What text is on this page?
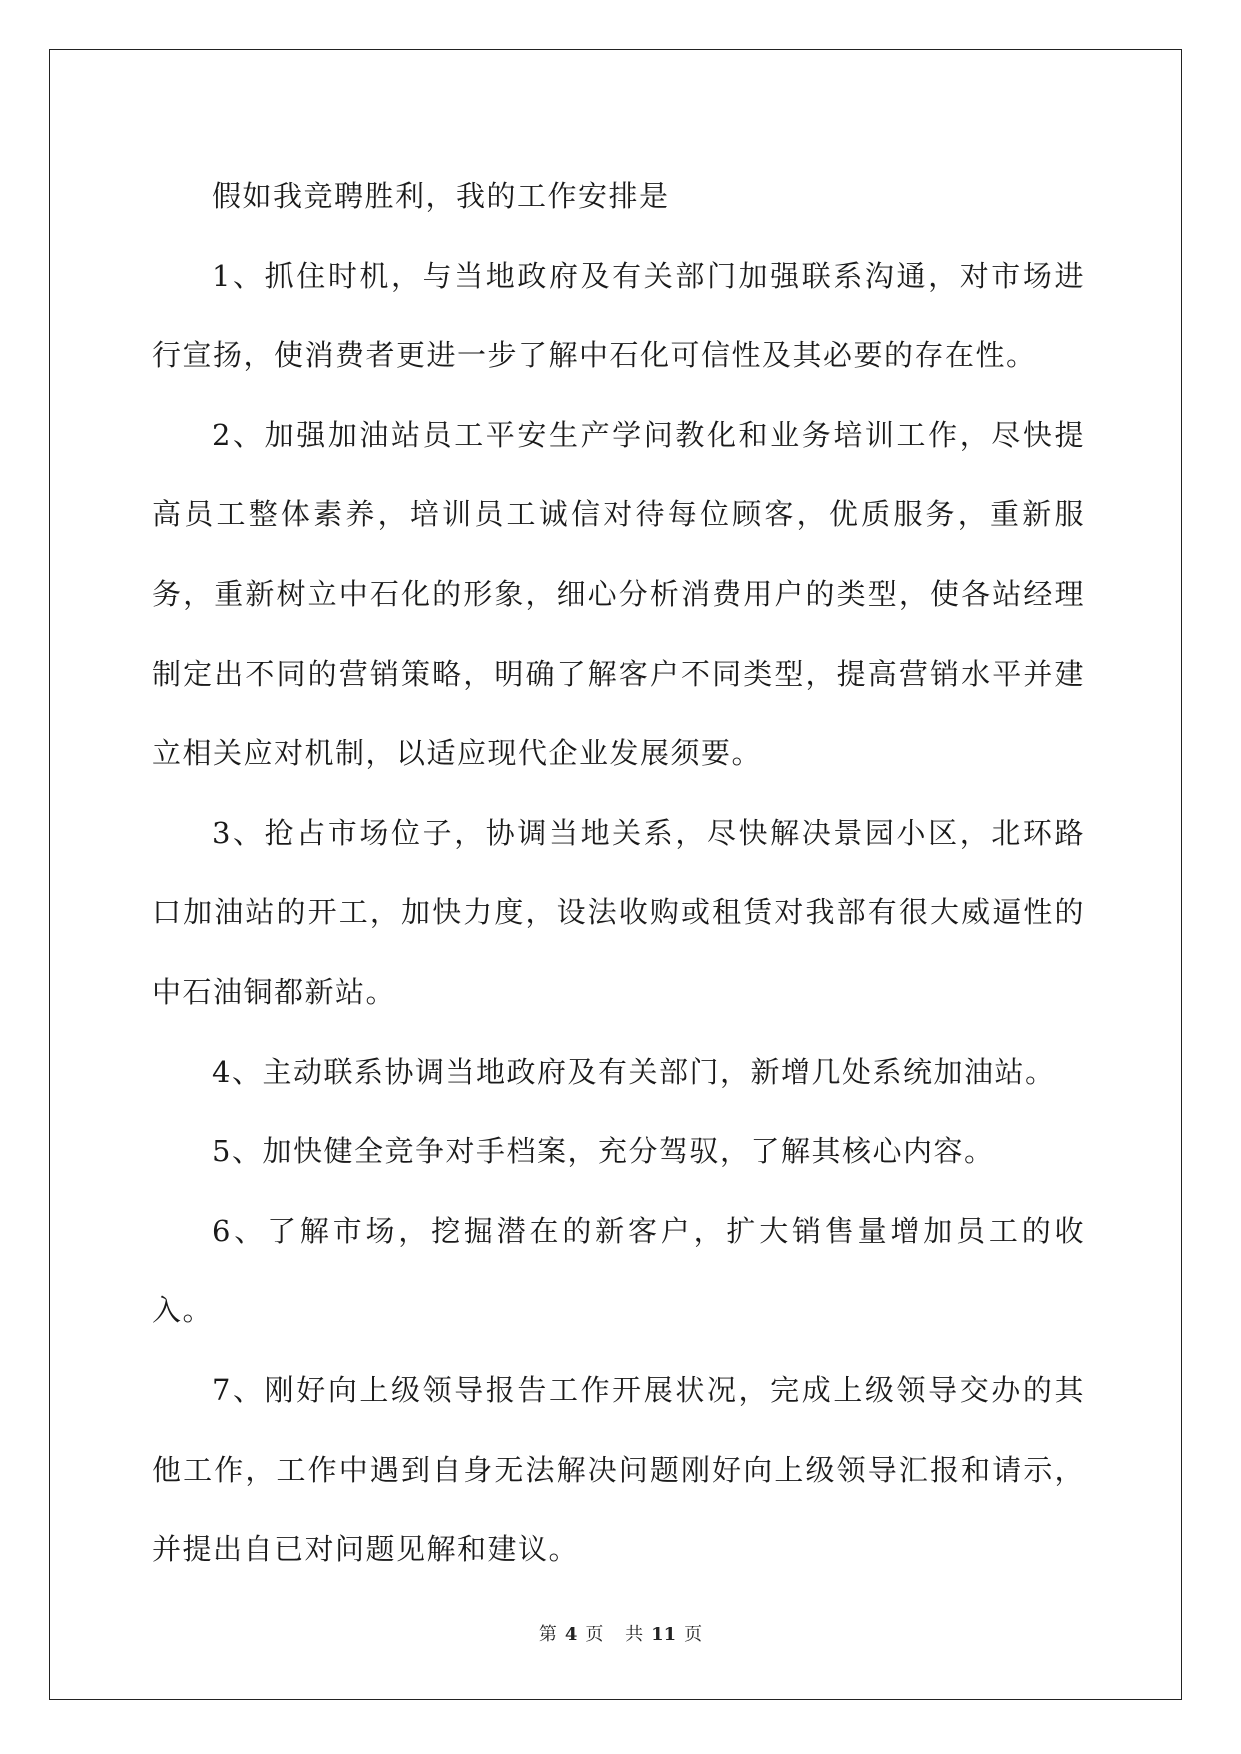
假如我竞聘胜利，我的工作安排是

1、抓住时机，与当地政府及有关部门加强联系沟通，对市场进行宣扬，使消费者更进一步了解中石化可信性及其必要的存在性。

2、加强加油站员工平安生产学问教化和业务培训工作，尽快提高员工整体素养，培训员工诚信对待每位顾客，优质服务，重新服务，重新树立中石化的形象，细心分析消费用户的类型，使各站经理制定出不同的营销策略，明确了解客户不同类型，提高营销水平并建立相关应对机制，以适应现代企业发展须要。

3、抢占市场位子，协调当地关系，尽快解决景园小区，北环路口加油站的开工，加快力度，设法收购或租赁对我部有很大威逼性的中石油铜都新站。

4、主动联系协调当地政府及有关部门，新增几处系统加油站。

5、加快健全竞争对手档案，充分驾驭，了解其核心内容。

6、了解市场，挖掘潜在的新客户，扩大销售量增加员工的收入。

7、刚好向上级领导报告工作开展状况，完成上级领导交办的其他工作，工作中遇到自身无法解决问题刚好向上级领导汇报和请示，并提出自已对问题见解和建议。

第 4 页 共 11 页
